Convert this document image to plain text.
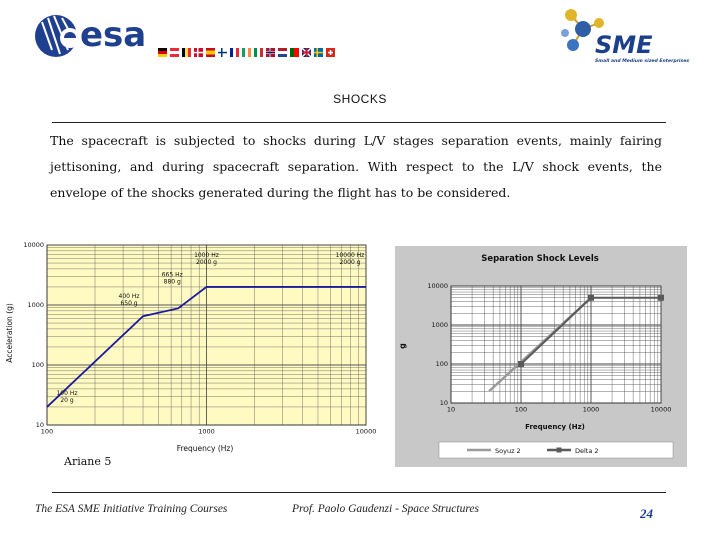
esa	SME
Small and Medium sized Enterprises
SHOCKS
The spacecraft is subjected to shocks during L/V stages separation events, mainly fairing jettisoning, and during spacecraft separation. With respect to the L/V shock events, the envelope of the shocks generated during the flight has to be considered.
Acceleration (g)
Frequency (Hz)
100	1000	10000
10
100
1000
10000
100 Hz 20 g
400 Hz 650 g
665 Hz 880 g
1000 Hz 2000 g
10000 Hz 2000 g
Ariane 5
Separation Shock Levels
g
Frequency (Hz)
10	100	1000	10000
10
100
1000
10000
Soyuz 2	Delta 2
The ESA SME Initiative Training Courses	Prof. Paolo Gaudenzi - Space Structures	24
